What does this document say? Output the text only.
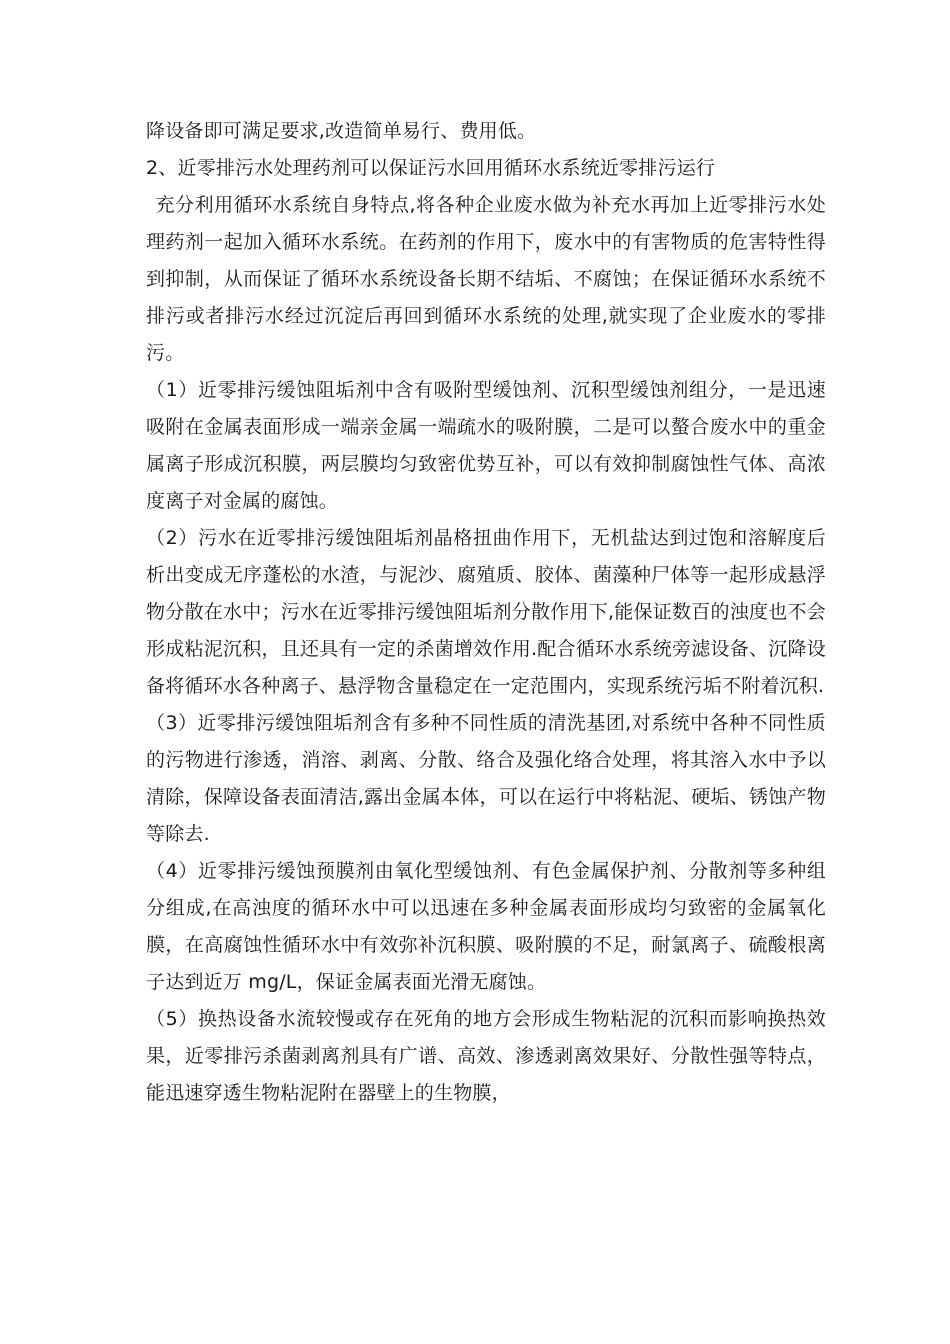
降设备即可满足要求,改造简单易行、费用低。

2、近零排污水处理药剂可以保证污水回用循环水系统近零排污运行

充分利用循环水系统自身特点,将各种企业废水做为补充水再加上近零排污水处理药剂一起加入循环水系统。在药剂的作用下，废水中的有害物质的危害特性得到抑制，从而保证了循环水系统设备长期不结垢、不腐蚀；在保证循环水系统不排污或者排污水经过沉淀后再回到循环水系统的处理,就实现了企业废水的零排污。

（1）近零排污缓蚀阻垢剂中含有吸附型缓蚀剂、沉积型缓蚀剂组分，一是迅速吸附在金属表面形成一端亲金属一端疏水的吸附膜，二是可以螯合废水中的重金属离子形成沉积膜，两层膜均匀致密优势互补，可以有效抑制腐蚀性气体、高浓度离子对金属的腐蚀。

（2）污水在近零排污缓蚀阻垢剂晶格扭曲作用下，无机盐达到过饱和溶解度后析出变成无序蓬松的水渣，与泥沙、腐殖质、胶体、菌藻种尸体等一起形成悬浮物分散在水中；污水在近零排污缓蚀阻垢剂分散作用下,能保证数百的浊度也不会形成粘泥沉积，且还具有一定的杀菌增效作用.配合循环水系统旁滤设备、沉降设备将循环水各种离子、悬浮物含量稳定在一定范围内，实现系统污垢不附着沉积.

（3）近零排污缓蚀阻垢剂含有多种不同性质的清洗基团,对系统中各种不同性质的污物进行渗透，消溶、剥离、分散、络合及强化络合处理，将其溶入水中予以清除，保障设备表面清洁,露出金属本体，可以在运行中将粘泥、硬垢、锈蚀产物等除去.

（4）近零排污缓蚀预膜剂由氧化型缓蚀剂、有色金属保护剂、分散剂等多种组分组成,在高浊度的循环水中可以迅速在多种金属表面形成均匀致密的金属氧化膜，在高腐蚀性循环水中有效弥补沉积膜、吸附膜的不足，耐氯离子、硫酸根离子达到近万 mg/L，保证金属表面光滑无腐蚀。

（5）换热设备水流较慢或存在死角的地方会形成生物粘泥的沉积而影响换热效果，近零排污杀菌剥离剂具有广谱、高效、渗透剥离效果好、分散性强等特点，能迅速穿透生物粘泥附在器壁上的生物膜，
